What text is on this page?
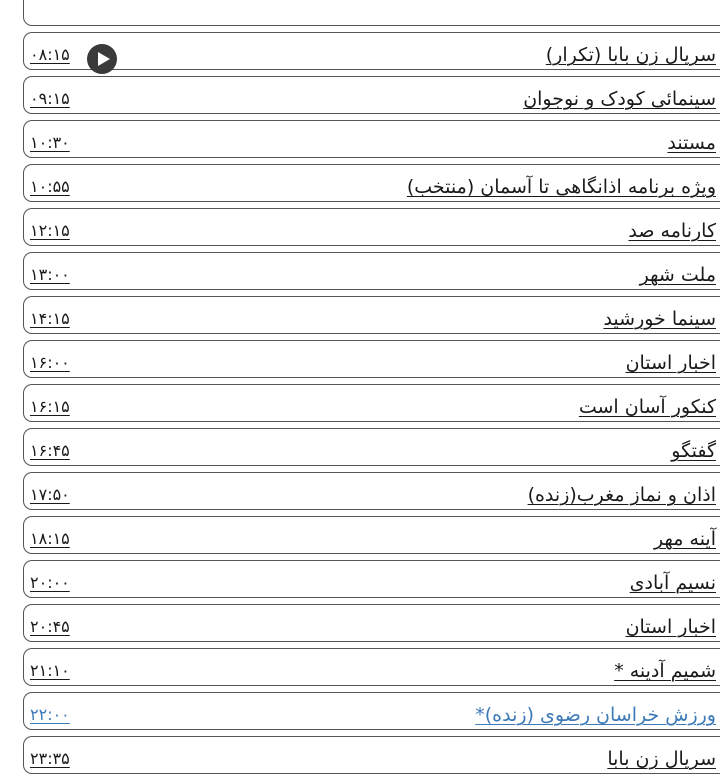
سریال زن بابا (تکرار)
۰۸:۱۵
سینمائی کودک و نوجوان
۰۹:۱۵
مستند
۱۰:۳۰
ویژه برنامه اذانگاهی تا آسمان (منتخب)
۱۰:۵۵
کارنامه صد
۱۲:۱۵
ملت شهر
۱۳:۰۰
سینما خورشید
۱۴:۱۵
اخبار استان
۱۶:۰۰
کنکور آسان است
۱۶:۱۵
گفتگو
۱۶:۴۵
اذان و نماز مغرب(زنده)
۱۷:۵۰
آینه مهر
۱۸:۱۵
نسیم آبادی
۲۰:۰۰
اخبار استان
۲۰:۴۵
شمیم آدینه *
۲۱:۱۰
ورزش خراسان رضوی (زنده)*
۲۲:۰۰
سریال زن بابا
۲۳:۳۵
